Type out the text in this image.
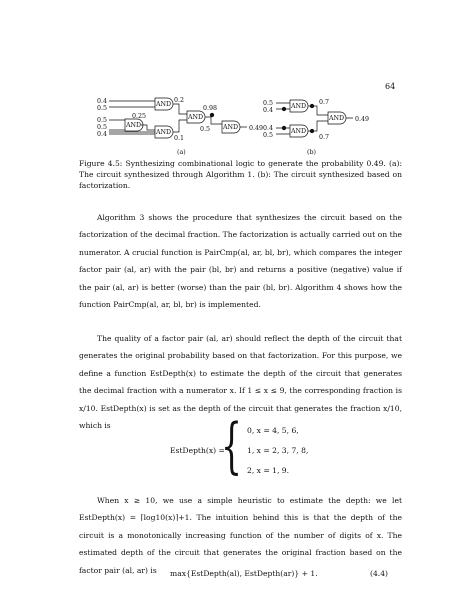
64
0.4
0.5
0.5
0.5
0.4
AND
AND
AND
AND
AND
0.2
0.25
0.1
0.98
0.5	0.49
(a)
0.5
0.4
0.4
0.5
AND
AND
AND
0.7
0.7
0.49
(b)
Figure 4.5: Synthesizing combinational logic to generate the probability 0.49. (a): The circuit synthesized through Algorithm 1. (b): The circuit synthesized based on factorization.
Algorithm 3 shows the procedure that synthesizes the circuit based on the factorization of the decimal fraction. The factorization is actually carried out on the numerator. A crucial function is PairCmp(al, ar, bl, br), which compares the integer factor pair (al, ar) with the pair (bl, br) and returns a positive (negative) value if the pair (al, ar) is better (worse) than the pair (bl, br). Algorithm 4 shows how the function PairCmp(al, ar, bl, br) is implemented.
The quality of a factor pair (al, ar) should reflect the depth of the circuit that generates the original probability based on that factorization. For this purpose, we define a function EstDepth(x) to estimate the depth of the circuit that generates the decimal fraction with a numerator x. If 1 ≤ x ≤ 9, the corresponding fraction is x/10. EstDepth(x) is set as the depth of the circuit that generates the fraction x/10, which is
EstDepth(x) =
{ 0, x = 4, 5, 6,
1, x = 2, 3, 7, 8,
2, x = 1, 9.
When x ≥ 10, we use a simple heuristic to estimate the depth: we let EstDepth(x) = ⌈log10(x)⌉+1. The intuition behind this is that the depth of the circuit is a monotonically increasing function of the number of digits of x. The estimated depth of the circuit that generates the original fraction based on the factor pair (al, ar) is	max{EstDepth(al), EstDepth(ar)} + 1.	(4.4)
